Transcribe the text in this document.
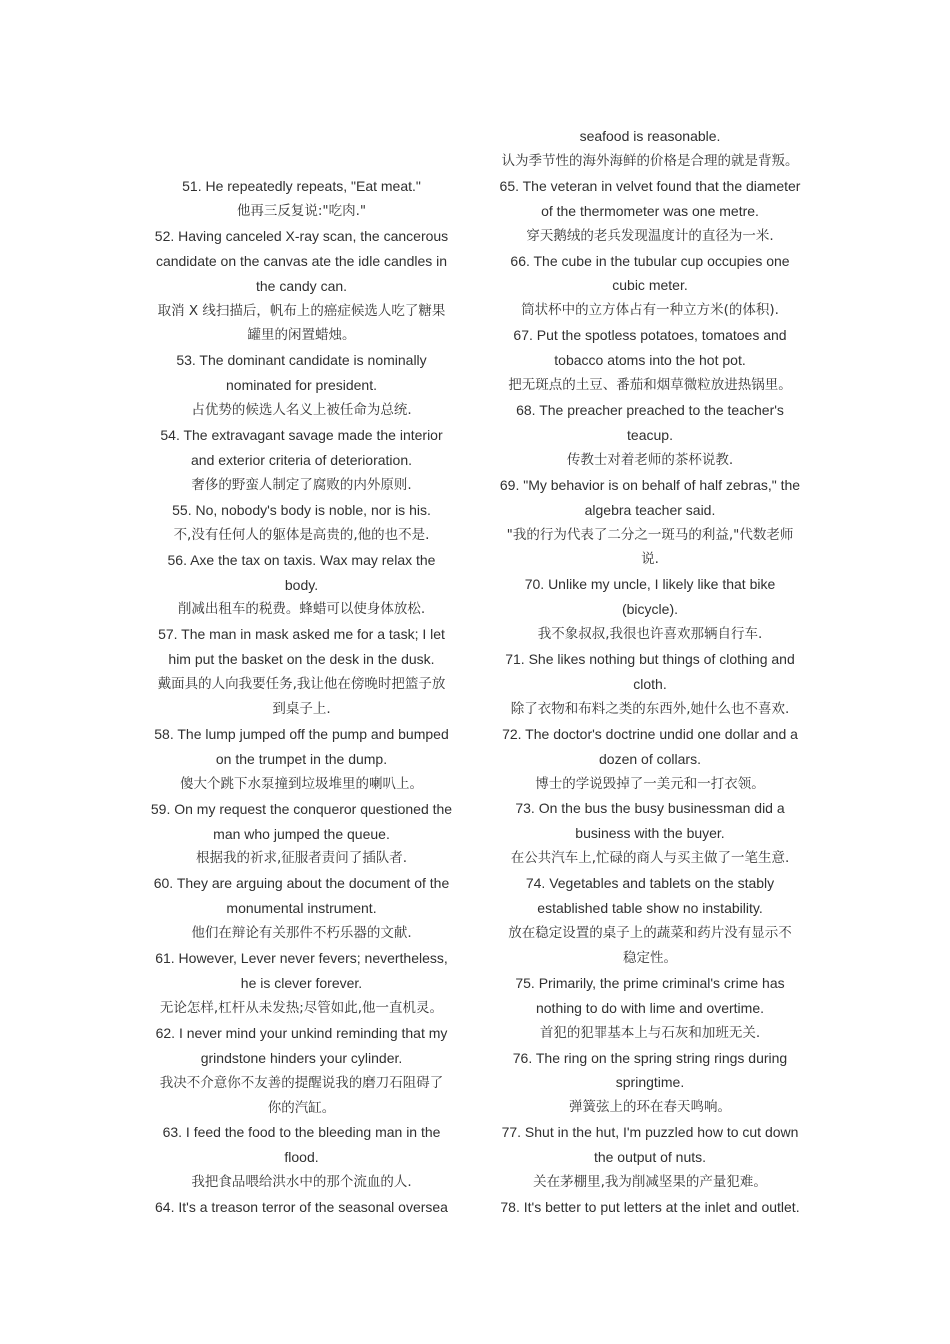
51. He repeatedly repeats, "Eat meat."
他再三反复说:"吃肉."
52. Having canceled X-ray scan, the cancerous
candidate on the canvas ate the idle candles in
the candy can.
取消 X 线扫描后，帆布上的癌症候选人吃了糖果
罐里的闲置蜡烛。
53. The dominant candidate is nominally
nominated for president.
占优势的候选人名义上被任命为总统.
54. The extravagant savage made the interior
and exterior criteria of deterioration.
奢侈的野蛮人制定了腐败的内外原则.
55. No, nobody's body is noble, nor is his.
不,没有任何人的躯体是高贵的,他的也不是.
56. Axe the tax on taxis. Wax may relax the
body.
削减出租车的税费。蜂蜡可以使身体放松.
57. The man in mask asked me for a task; I let
him put the basket on the desk in the dusk.
戴面具的人向我要任务,我让他在傍晚时把篮子放
到桌子上.
58. The lump jumped off the pump and bumped
on the trumpet in the dump.
傻大个跳下水泵撞到垃圾堆里的喇叭上。
59. On my request the conqueror questioned the
man who jumped the queue.
根据我的祈求,征服者责问了插队者.
60. They are arguing about the document of the
monumental instrument.
他们在辩论有关那件不朽乐器的文献.
61. However, Lever never fevers; nevertheless,
he is clever forever.
无论怎样,杠杆从未发热;尽管如此,他一直机灵。
62. I never mind your unkind reminding that my
grindstone hinders your cylinder.
我决不介意你不友善的提醒说我的磨刀石阻碍了
你的汽缸。
63. I feed the food to the bleeding man in the
flood.
我把食品喂给洪水中的那个流血的人.
64. It's a treason terror of the seasonal oversea
seafood is reasonable.
认为季节性的海外海鲜的价格是合理的就是背叛。
65. The veteran in velvet found that the diameter
of the thermometer was one metre.
穿天鹅绒的老兵发现温度计的直径为一米.
66. The cube in the tubular cup occupies one
cubic meter.
筒状杯中的立方体占有一种立方米(的体积).
67. Put the spotless potatoes, tomatoes and
tobacco atoms into the hot pot.
把无斑点的土豆、番茄和烟草微粒放进热锅里。
68. The preacher preached to the teacher's
teacup.
传教士对着老师的茶杯说教.
69. "My behavior is on behalf of half zebras," the
algebra teacher said.
"我的行为代表了二分之一斑马的利益,"代数老师
说.
70. Unlike my uncle, I likely like that bike
(bicycle).
我不象叔叔,我很也许喜欢那辆自行车.
71. She likes nothing but things of clothing and
cloth.
除了衣物和布料之类的东西外,她什么也不喜欢.
72. The doctor's doctrine undid one dollar and a
dozen of collars.
博士的学说毁掉了一美元和一打衣领。
73. On the bus the busy businessman did a
business with the buyer.
在公共汽车上,忙碌的商人与买主做了一笔生意.
74. Vegetables and tablets on the stably
established table show no instability.
放在稳定设置的桌子上的蔬菜和药片没有显示不
稳定性。
75. Primarily, the prime criminal's crime has
nothing to do with lime and overtime.
首犯的犯罪基本上与石灰和加班无关.
76. The ring on the spring string rings during
springtime.
弹簧弦上的环在春天鸣响。
77. Shut in the hut, I'm puzzled how to cut down
the output of nuts.
关在茅棚里,我为削减坚果的产量犯难。
78. It's better to put letters at the inlet and outlet.
